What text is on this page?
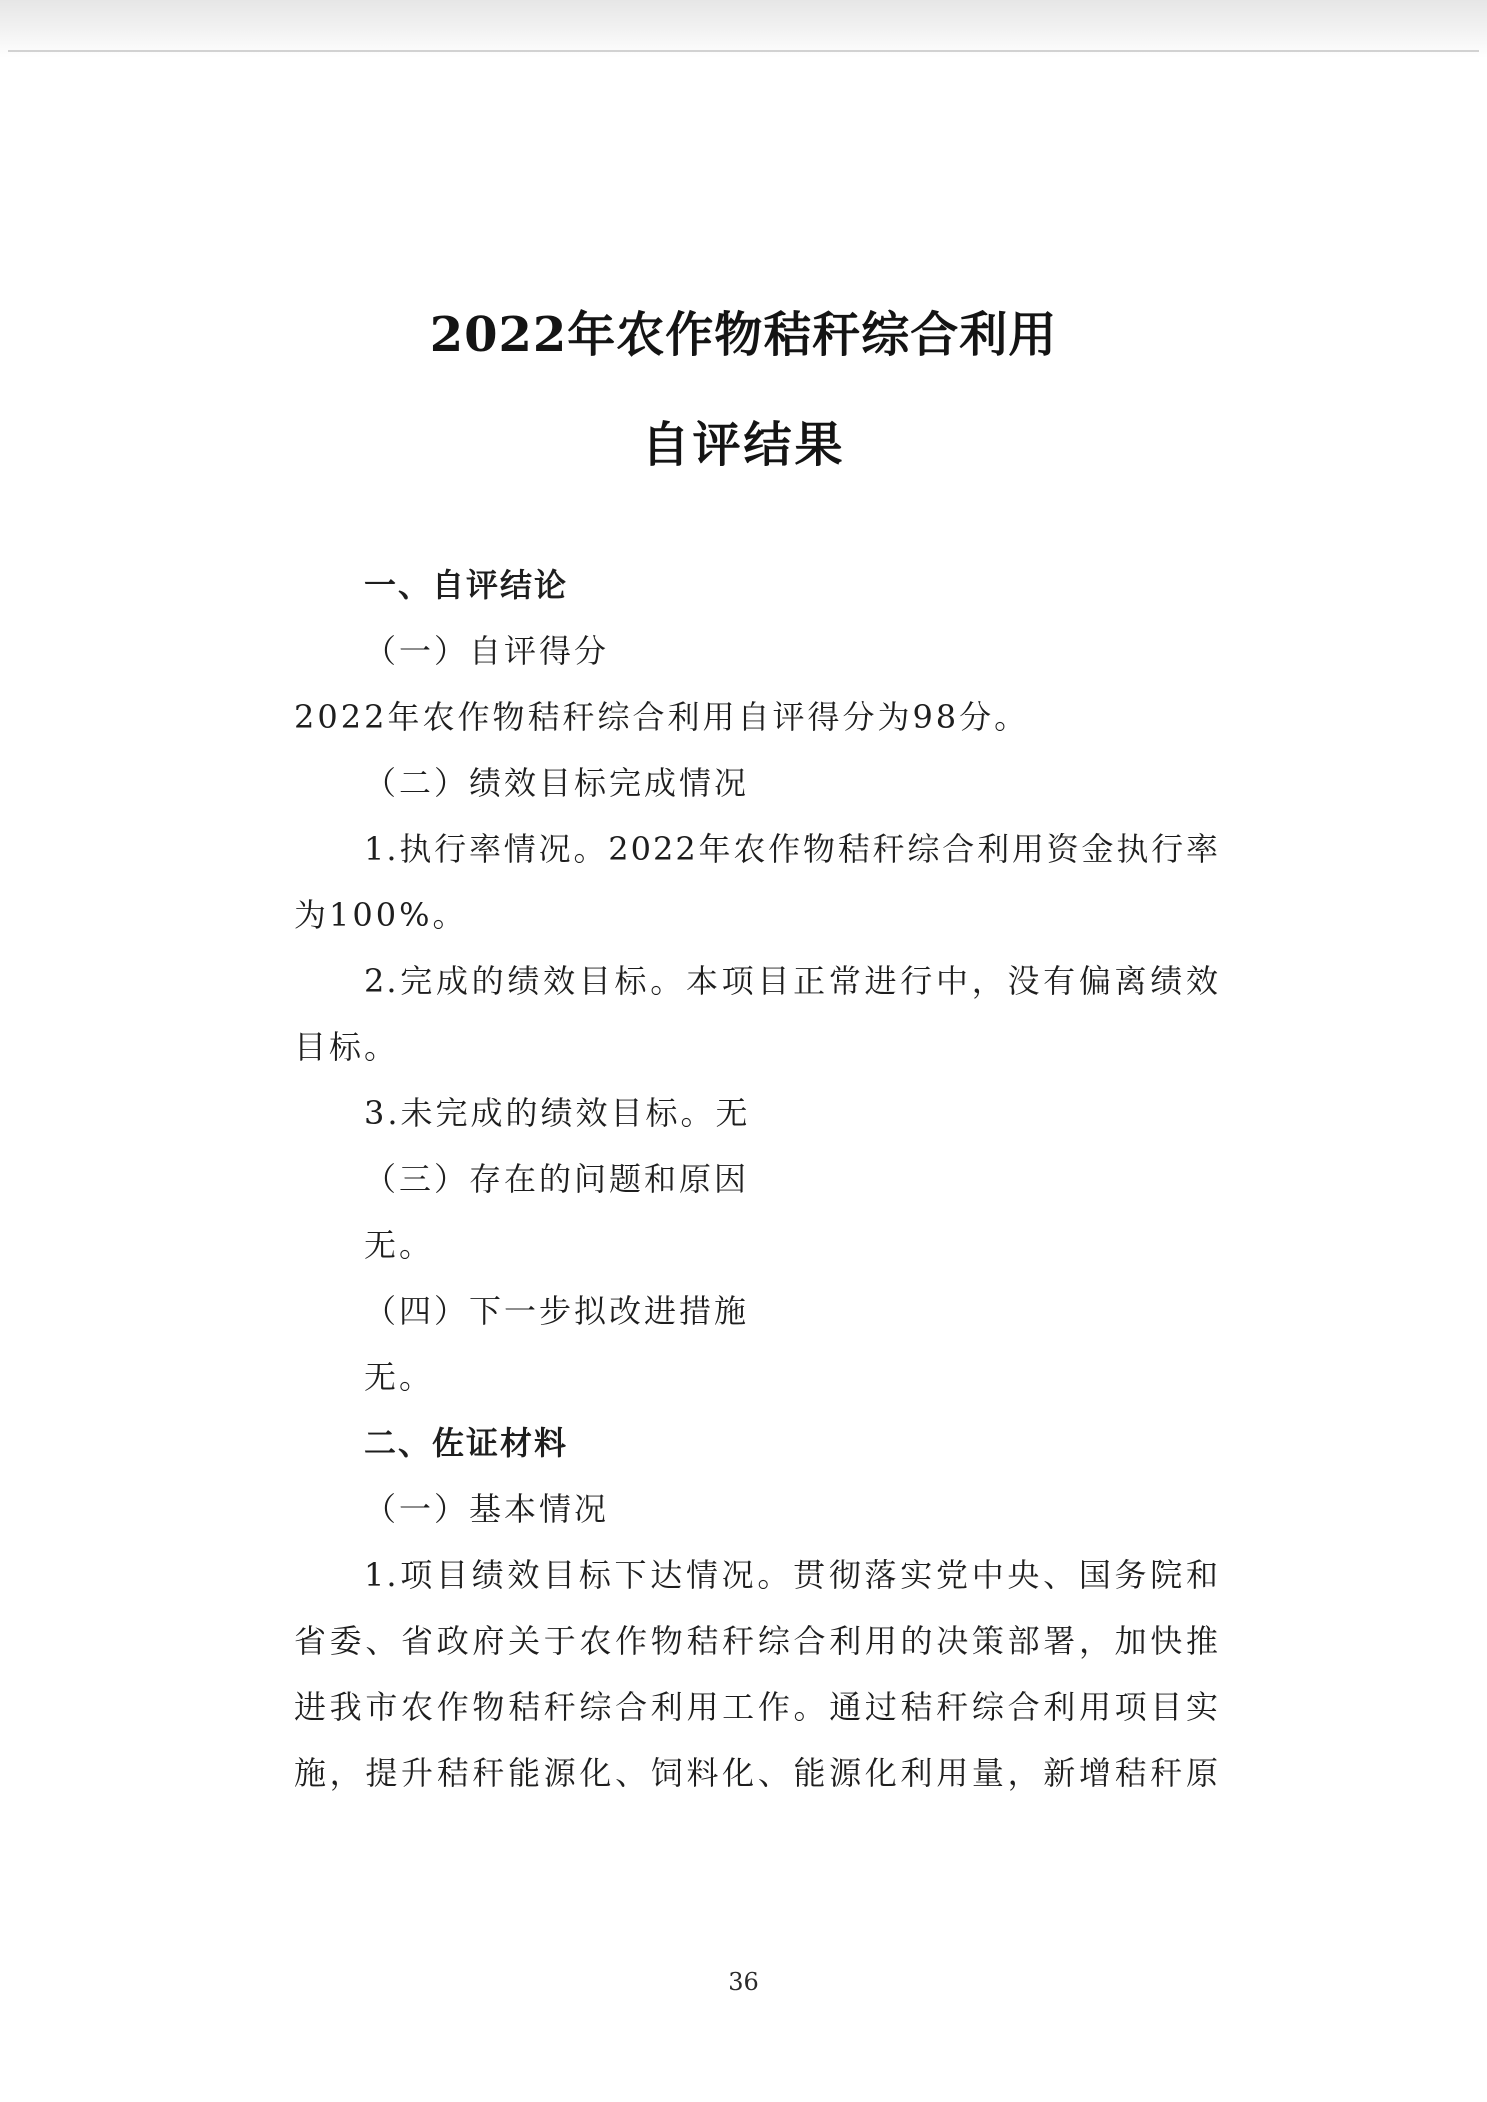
2022年农作物秸秆综合利用
自评结果
一、自评结论
（一）自评得分
2022年农作物秸秆综合利用自评得分为98分。
（二）绩效目标完成情况
1.执行率情况。2022年农作物秸秆综合利用资金执行率
为100%。
2.完成的绩效目标。本项目正常进行中，没有偏离绩效
目标。
3.未完成的绩效目标。无
（三）存在的问题和原因
无。
（四）下一步拟改进措施
无。
二、佐证材料
（一）基本情况
1.项目绩效目标下达情况。贯彻落实党中央、国务院和
省委、省政府关于农作物秸秆综合利用的决策部署，加快推
进我市农作物秸秆综合利用工作。通过秸秆综合利用项目实
施，提升秸秆能源化、饲料化、能源化利用量，新增秸秆原
36
